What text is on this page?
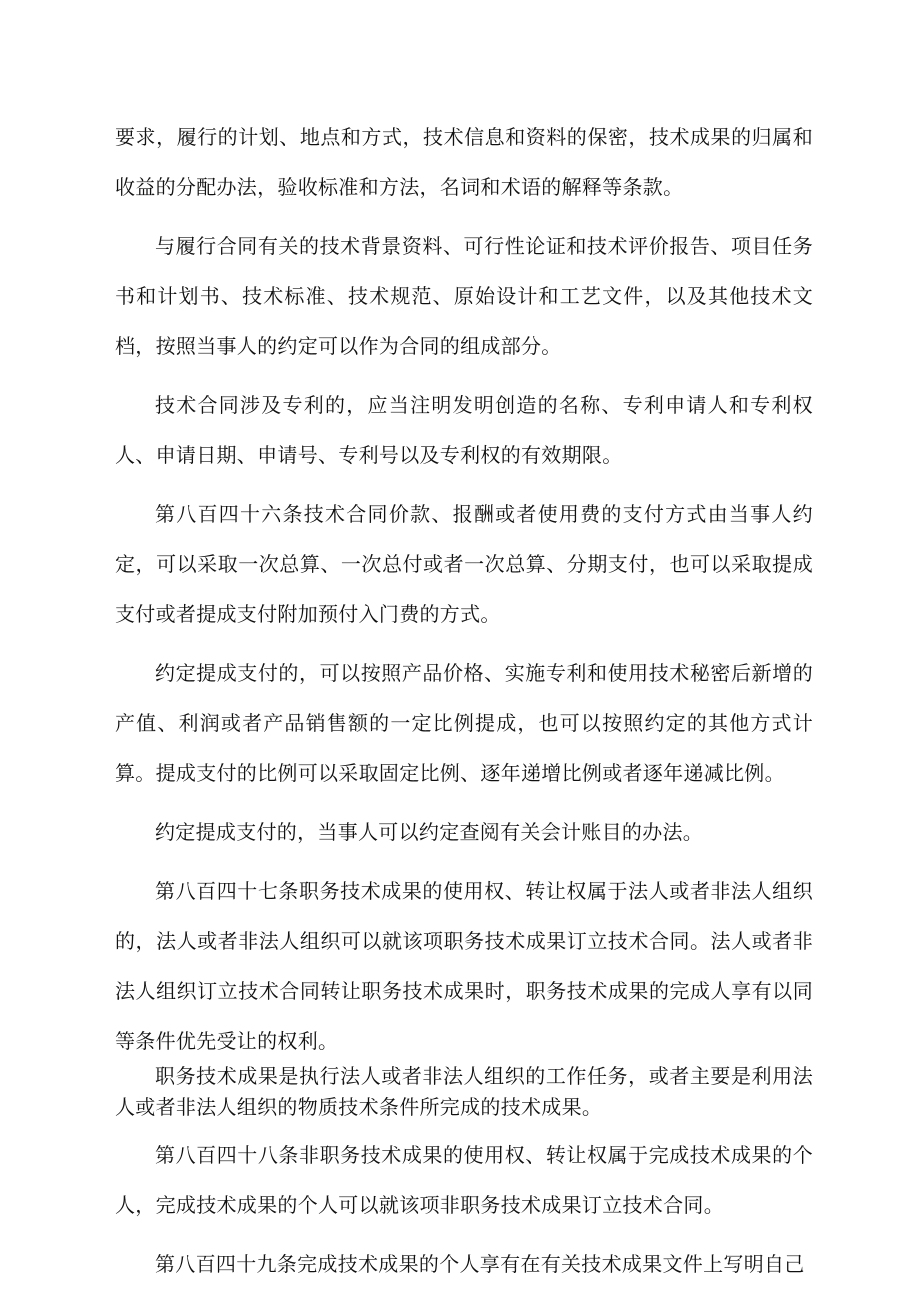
要求，履行的计划、地点和方式，技术信息和资料的保密，技术成果的归属和收益的分配办法，验收标准和方法，名词和术语的解释等条款。

与履行合同有关的技术背景资料、可行性论证和技术评价报告、项目任务书和计划书、技术标准、技术规范、原始设计和工艺文件，以及其他技术文档，按照当事人的约定可以作为合同的组成部分。

技术合同涉及专利的，应当注明发明创造的名称、专利申请人和专利权人、申请日期、申请号、专利号以及专利权的有效期限。

第八百四十六条技术合同价款、报酬或者使用费的支付方式由当事人约定，可以采取一次总算、一次总付或者一次总算、分期支付，也可以采取提成支付或者提成支付附加预付入门费的方式。

约定提成支付的，可以按照产品价格、实施专利和使用技术秘密后新增的产值、利润或者产品销售额的一定比例提成，也可以按照约定的其他方式计算。提成支付的比例可以采取固定比例、逐年递增比例或者逐年递减比例。

约定提成支付的，当事人可以约定查阅有关会计账目的办法。

第八百四十七条职务技术成果的使用权、转让权属于法人或者非法人组织的，法人或者非法人组织可以就该项职务技术成果订立技术合同。法人或者非法人组织订立技术合同转让职务技术成果时，职务技术成果的完成人享有以同等条件优先受让的权利。

职务技术成果是执行法人或者非法人组织的工作任务，或者主要是利用法人或者非法人组织的物质技术条件所完成的技术成果。

第八百四十八条非职务技术成果的使用权、转让权属于完成技术成果的个人，完成技术成果的个人可以就该项非职务技术成果订立技术合同。

第八百四十九条完成技术成果的个人享有在有关技术成果文件上写明自己
